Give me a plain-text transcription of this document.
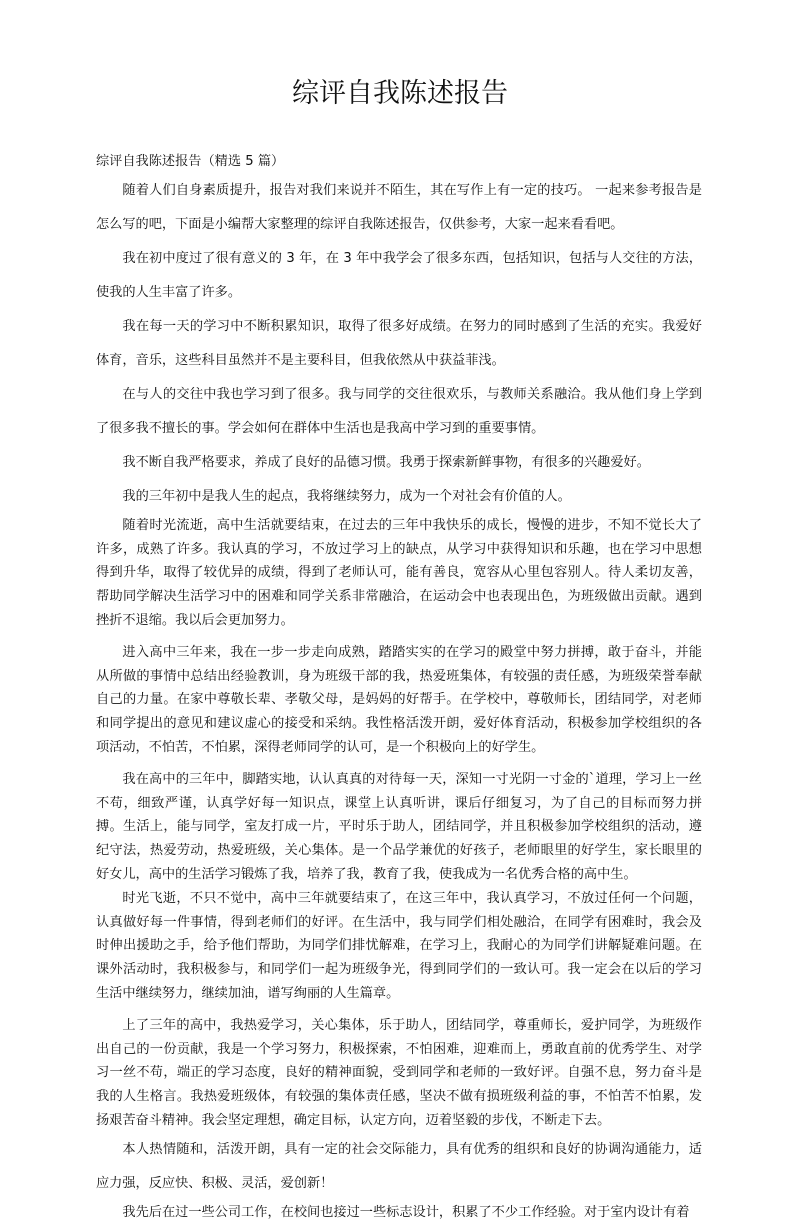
综评自我陈述报告

综评自我陈述报告（精选 5 篇）

随着人们自身素质提升，报告对我们来说并不陌生，其在写作上有一定的技巧。 一起来参考报告是怎么写的吧，下面是小编帮大家整理的综评自我陈述报告，仅供参考，大家一起来看看吧。

我在初中度过了很有意义的 3 年，在 3 年中我学会了很多东西，包括知识，包括与人交往的方法，使我的人生丰富了许多。

我在每一天的学习中不断积累知识，取得了很多好成绩。在努力的同时感到了生活的充实。我爱好体育，音乐，这些科目虽然并不是主要科目，但我依然从中获益菲浅。

在与人的交往中我也学习到了很多。我与同学的交往很欢乐，与教师关系融洽。我从他们身上学到了很多我不擅长的事。学会如何在群体中生活也是我高中学习到的重要事情。

我不断自我严格要求，养成了良好的品德习惯。我勇于探索新鲜事物，有很多的兴趣爱好。

我的三年初中是我人生的起点，我将继续努力，成为一个对社会有价值的人。

随着时光流逝，高中生活就要结束，在过去的三年中我快乐的成长，慢慢的进步，不知不觉长大了许多，成熟了许多。我认真的学习，不放过学习上的缺点，从学习中获得知识和乐趣，也在学习中思想得到升华，取得了较优异的成绩，得到了老师认可，能有善良，宽容从心里包容别人。待人柔切友善，帮助同学解决生活学习中的困难和同学关系非常融洽，在运动会中也表现出色，为班级做出贡献。遇到挫折不退缩。我以后会更加努力。

进入高中三年来，我在一步一步走向成熟，踏踏实实的在学习的殿堂中努力拼搏，敢于奋斗，并能从所做的事情中总结出经验教训，身为班级干部的我，热爱班集体，有较强的责任感，为班级荣誉奉献自己的力量。在家中尊敬长辈、孝敬父母，是妈妈的好帮手。在学校中，尊敬师长，团结同学，对老师和同学提出的意见和建议虚心的接受和采纳。我性格活泼开朗，爱好体育活动，积极参加学校组织的各项活动，不怕苦，不怕累，深得老师同学的认可，是一个积极向上的好学生。

我在高中的三年中，脚踏实地，认认真真的对待每一天，深知一寸光阴一寸金的`道理，学习上一丝不苟，细致严谨，认真学好每一知识点，课堂上认真听讲，课后仔细复习，为了自己的目标而努力拼搏。生活上，能与同学，室友打成一片，平时乐于助人，团结同学，并且积极参加学校组织的活动，遵纪守法，热爱劳动，热爱班级，关心集体。是一个品学兼优的好孩子，老师眼里的好学生，家长眼里的好女儿，高中的生活学习锻炼了我，培养了我，教育了我，使我成为一名优秀合格的高中生。

时光飞逝，不只不觉中，高中三年就要结束了，在这三年中，我认真学习，不放过任何一个问题，认真做好每一件事情，得到老师们的好评。在生活中，我与同学们相处融洽，在同学有困难时，我会及时伸出援助之手，给予他们帮助，为同学们排忧解难，在学习上，我耐心的为同学们讲解疑难问题。在课外活动时，我积极参与，和同学们一起为班级争光，得到同学们的一致认可。我一定会在以后的学习生活中继续努力，继续加油，谱写绚丽的人生篇章。

上了三年的高中，我热爱学习，关心集体，乐于助人，团结同学，尊重师长，爱护同学，为班级作出自己的一份贡献，我是一个学习努力，积极探索，不怕困难，迎难而上，勇敢直前的优秀学生、对学习一丝不苟，端正的学习态度，良好的精神面貌，受到同学和老师的一致好评。自强不息，努力奋斗是我的人生格言。我热爱班级体，有较强的集体责任感，坚决不做有损班级利益的事，不怕苦不怕累，发扬艰苦奋斗精神。我会坚定理想，确定目标，认定方向，迈着坚毅的步伐，不断走下去。

本人热情随和，活泼开朗，具有一定的社会交际能力，具有优秀的组织和良好的协调沟通能力，适应力强，反应快、积极、灵活，爱创新！

我先后在过一些公司工作，在校间也接过一些标志设计，积累了不少工作经验。对于室内设计有着
